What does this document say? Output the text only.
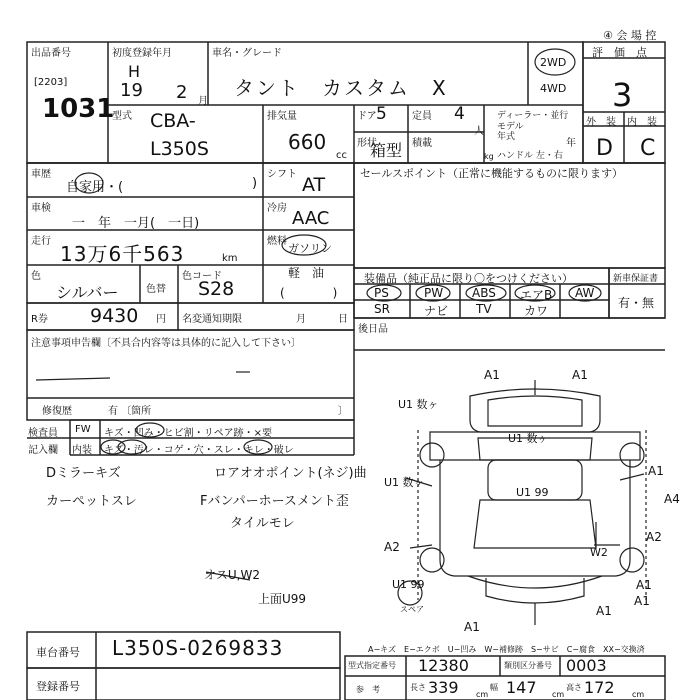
④ 会 場 控
出品番号
[2203]
1031
初度登録年月
H
19 2 月
車名・グレード
タント　カスタム　X
2WD
4WD
評　価　点
3
外　装 内　装
D C
型式 CBA-
L350S
排気量
660
cc
ドア 5	定員 4
人
形状
箱型 積載
kg
ディーラー・並行
モデル
年式
年
ハンドル 左・右
車歴
自家用・(	)
シフト AT
セールスポイント（正常に機能するものに限ります）
車検
一　年　一月(　一日)
冷房 AAC
走行
13万6千563	km
燃料
ガソリン
軽　油
(　　　　)
色
シルバー	色替
色コード
S28	装備品（純正品に限り〇をつけください）
PS	PW ABS エアB AW
SR	ナビ TV	カワ
新車保証書
有・無
後日品
R券 9430 円 名変通知期限	月	日
注意事項申告欄〔不具合内容等は具体的に記入して下さい〕
修復歴	有 〔箇所	〕
検査員
記入欄
FW キズ・凹み・ヒビ割・リペア跡・×要
内装 キズ・汚レ・コゲ・穴・スレ・キレ・破レ
Dミラーキズ	ロアオオポイント(ネジ)曲
カーペットスレ	Fバンパーホースメント歪
タイルモレ
オスU,W2
上面U99
A1	A1
U1 数ヶ
U1 数ヶ
U1 数ヶ
U1 99
A1
A4
A2
A2
W2
U1 99	A1
A1
A1
A1
スペア
A−キズ　E−エクボ　U−凹み　W−補修跡　S−サビ　C−腐食　XX−交換済
車台番号 L350S-0269833
登録番号
型式指定番号 12380	類別区分番号 0003
参　考	長さ 339 cm
幅 147 cm
高さ 172 cm
